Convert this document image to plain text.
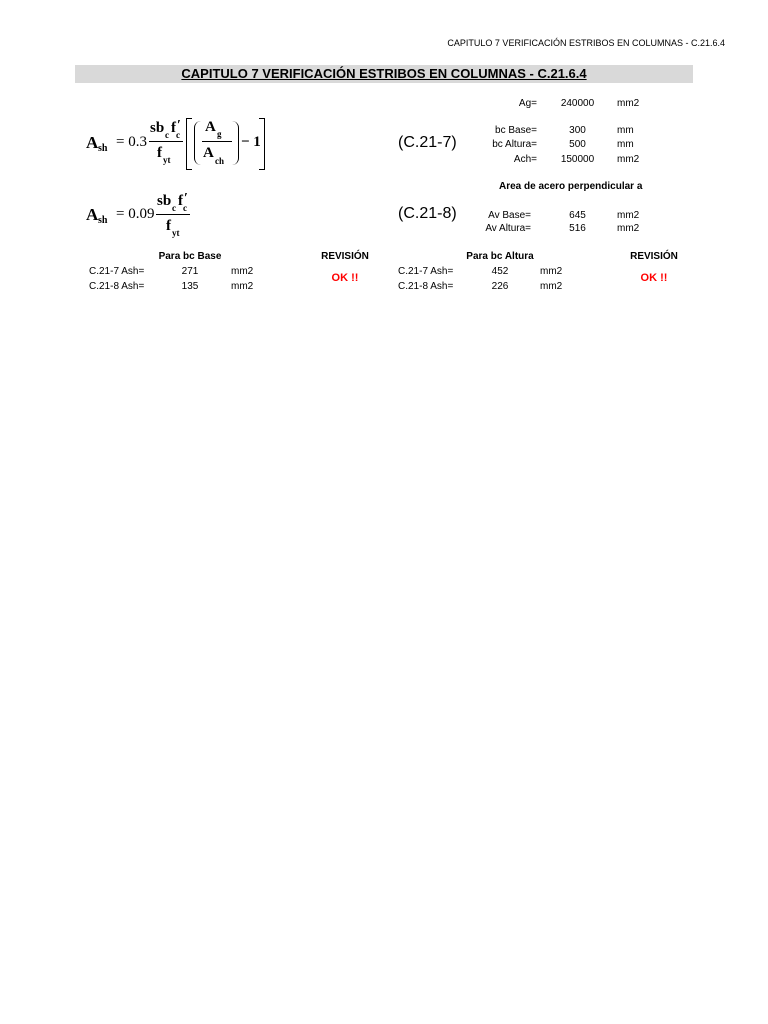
CAPITULO 7 VERIFICACIÓN ESTRIBOS EN COLUMNAS - C.21.6.4
CAPITULO 7 VERIFICACIÓN ESTRIBOS EN COLUMNAS - C.21.6.4
A sh = 0.3
sb c f c
′
f yt
A g
A ch
− 1	(C.21-7)
A sh = 0.09
sb c f c
′
f yt
(C.21-8)
Ag=	240000	mm2
bc Base=	300	mm
bc Altura=	500	mm
Ach=	150000	mm2
Area de acero perpendicular a
Av Base=	645	mm2
Av Altura=	516	mm2
Para bc Base	REVISIÓN
C.21-7 Ash=	271	mm2
C.21-8 Ash=	135	mm2
OK !!
Para bc Altura	REVISIÓN
C.21-7 Ash=	452	mm2
C.21-8 Ash=	226	mm2
OK !!
